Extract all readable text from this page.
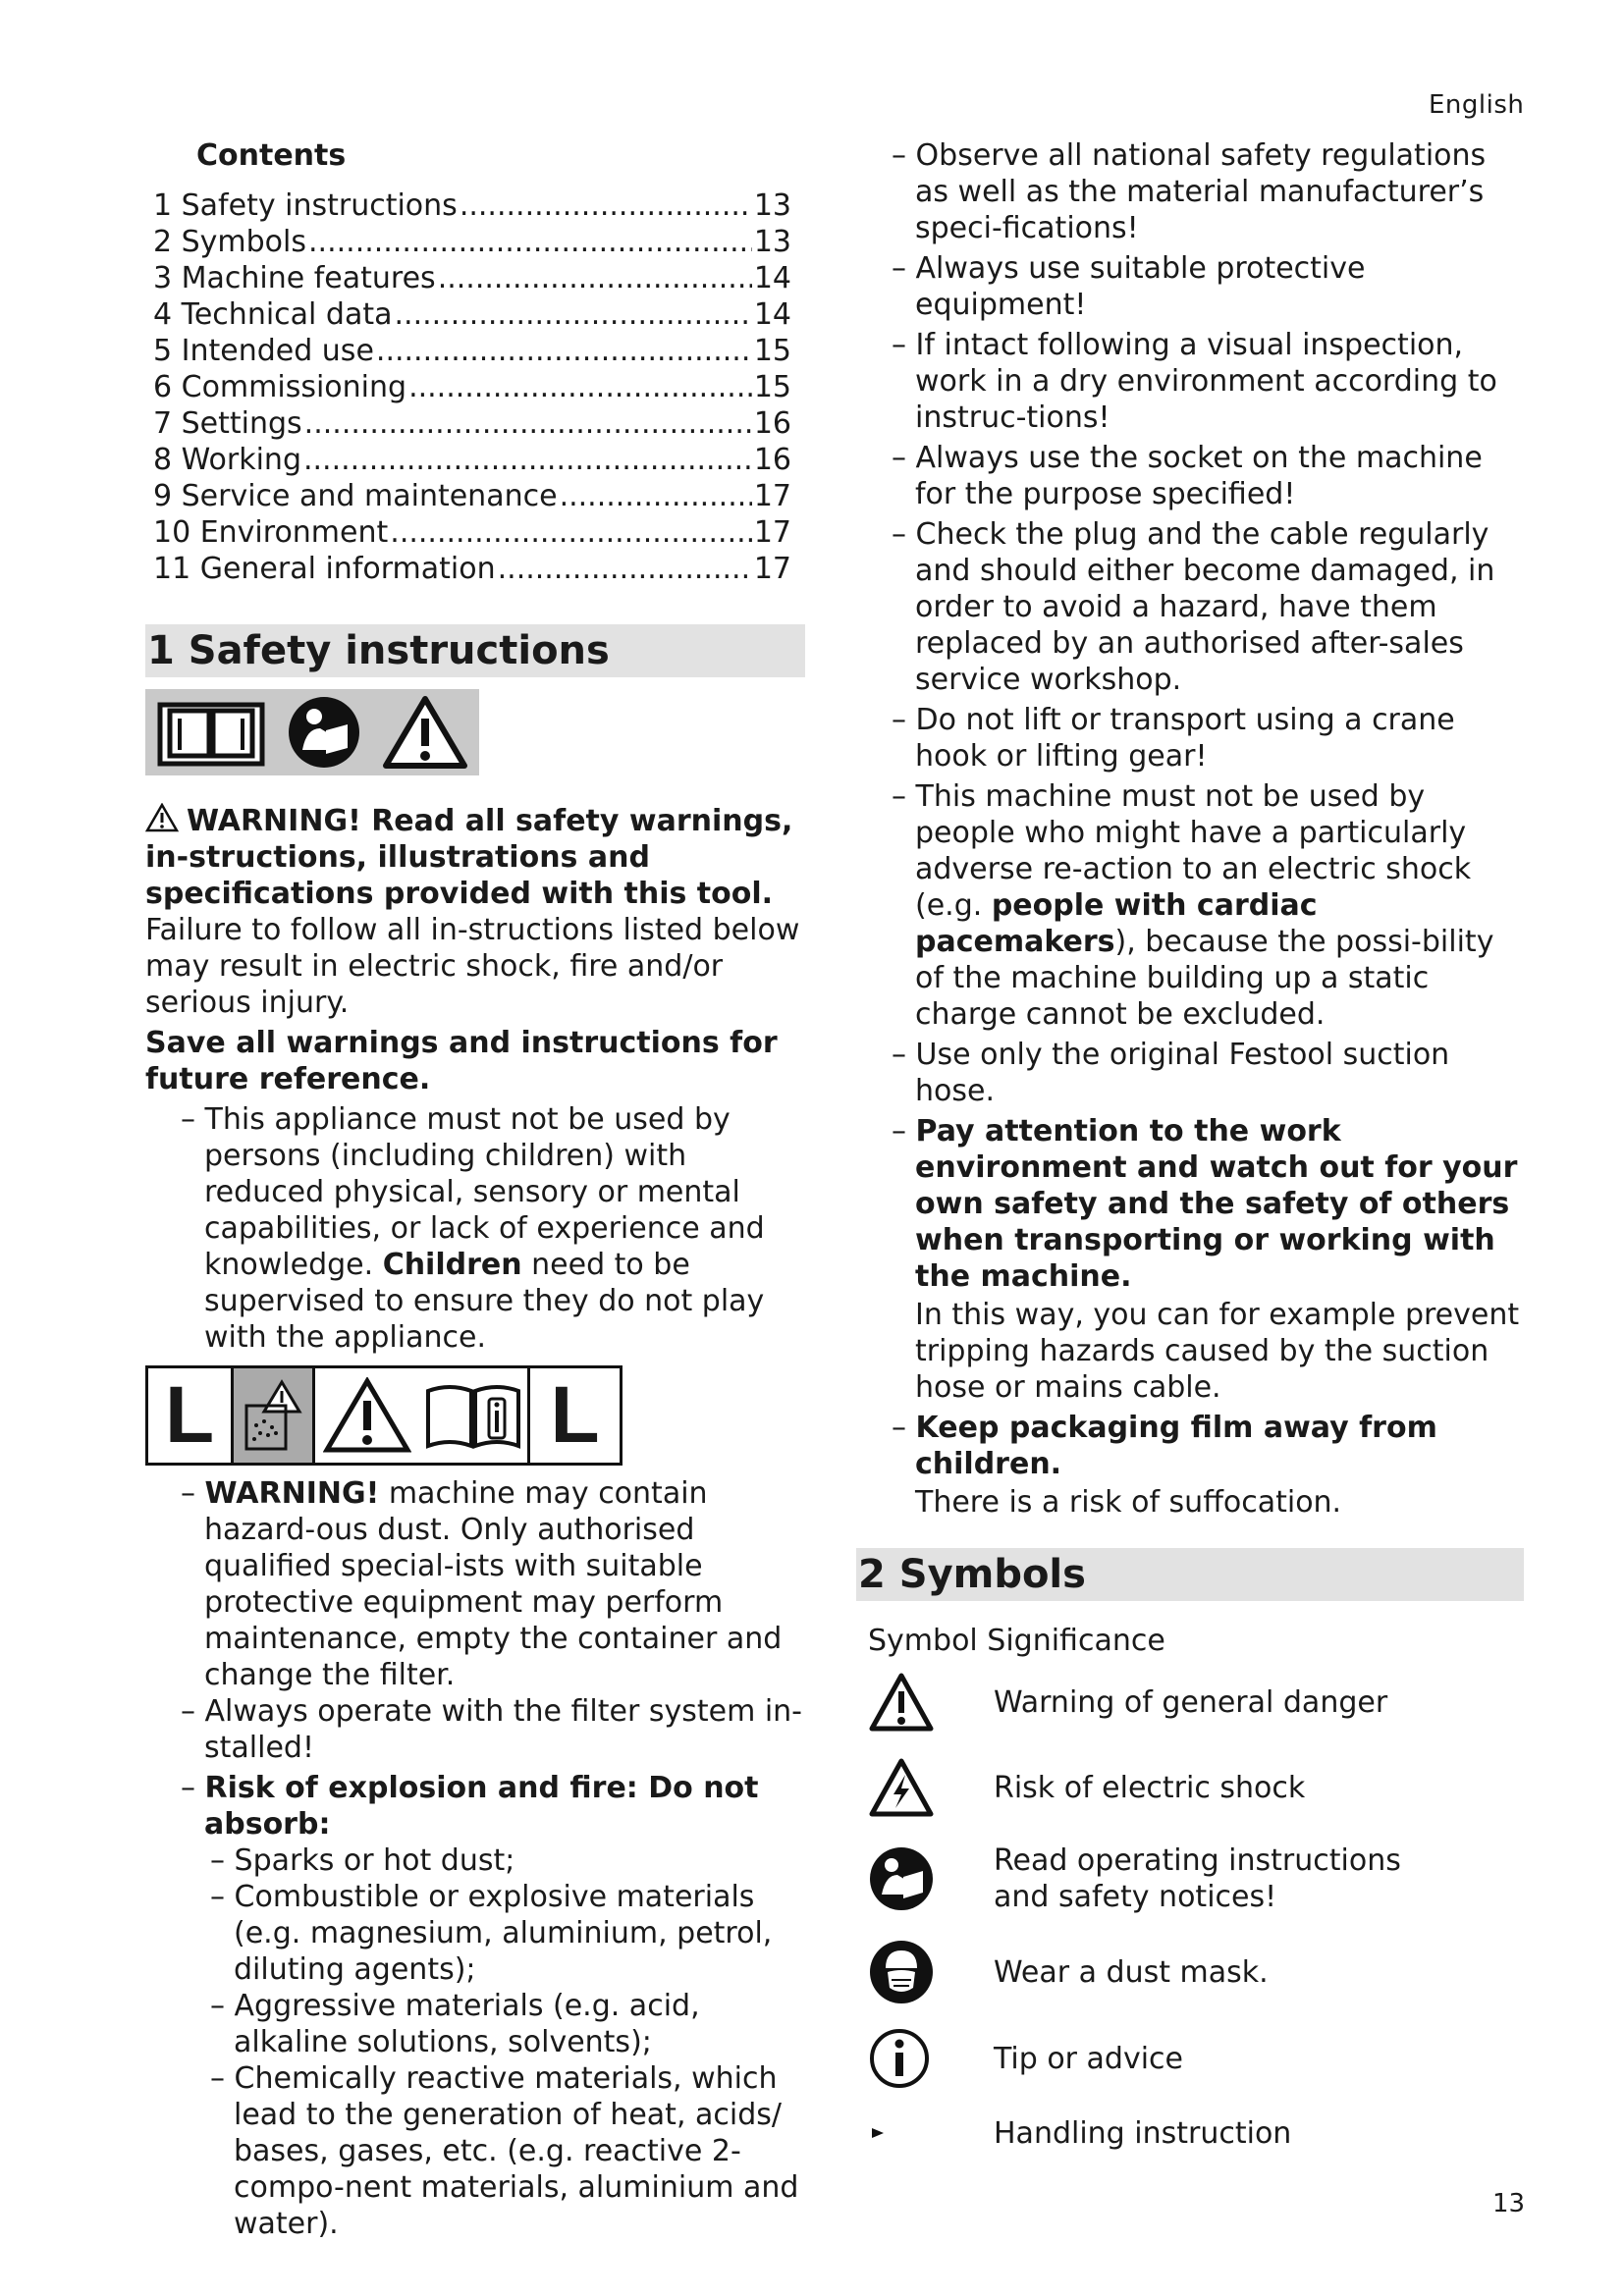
English
Contents
1 Safety instructions .....	13
2 Symbols .....	13
3 Machine features .....	14
4 Technical data .....	14
5 Intended use .....	15
6 Commissioning .....	15
7 Settings .....	16
8 Working .....	16
9 Service and maintenance .....	17
10 Environment .....	17
11 General information .....	17
1 Safety instructions

WARNING! Read all safety warnings, in-structions, illustrations and specifications provided with this tool. Failure to follow all in-structions listed below may result in electric shock, fire and/or serious injury.

Save all warnings and instructions for future reference.

– This appliance must not be used by persons (including children) with reduced physical, sensory or mental capabilities, or lack of experience and knowledge. Children need to be supervised to ensure they do not play with the appliance.

L	L

– WARNING! machine may contain hazard-ous dust. Only authorised qualified special-ists with suitable protective equipment may perform maintenance, empty the container and change the filter.

– Always operate with the filter system in-stalled!

– Risk of explosion and fire: Do not absorb:

– Sparks or hot dust;

– Combustible or explosive materials (e.g. magnesium, aluminium, petrol, diluting agents);

– Aggressive materials (e.g. acid, alkaline solutions, solvents);

– Chemically reactive materials, which lead to the generation of heat, acids/ bases, gases, etc. (e.g. reactive 2-compo-nent materials, aluminium and water).

– Observe all national safety regulations as well as the material manufacturer’s speci-fications!

– Always use suitable protective equipment!

– If intact following a visual inspection, work in a dry environment according to instruc-tions!

– Always use the socket on the machine for the purpose specified!

– Check the plug and the cable regularly and should either become damaged, in order to avoid a hazard, have them replaced by an authorised after-sales service workshop.

– Do not lift or transport using a crane hook or lifting gear!

– This machine must not be used by people who might have a particularly adverse re-action to an electric shock (e.g. people with cardiac pacemakers), because the possi-bility of the machine building up a static charge cannot be excluded.

– Use only the original Festool suction hose.

– Pay attention to the work environment and watch out for your own safety and the safety of others when transporting or working with the machine.

In this way, you can for example prevent tripping hazards caused by the suction hose or mains cable.

– Keep packaging film away from children.

There is a risk of suffocation.

2 Symbols

Symbol Significance

Warning of general danger
Risk of electric shock
Read operating instructions and safety notices!
Wear a dust mask.
Tip or advice
Handling instruction
13
